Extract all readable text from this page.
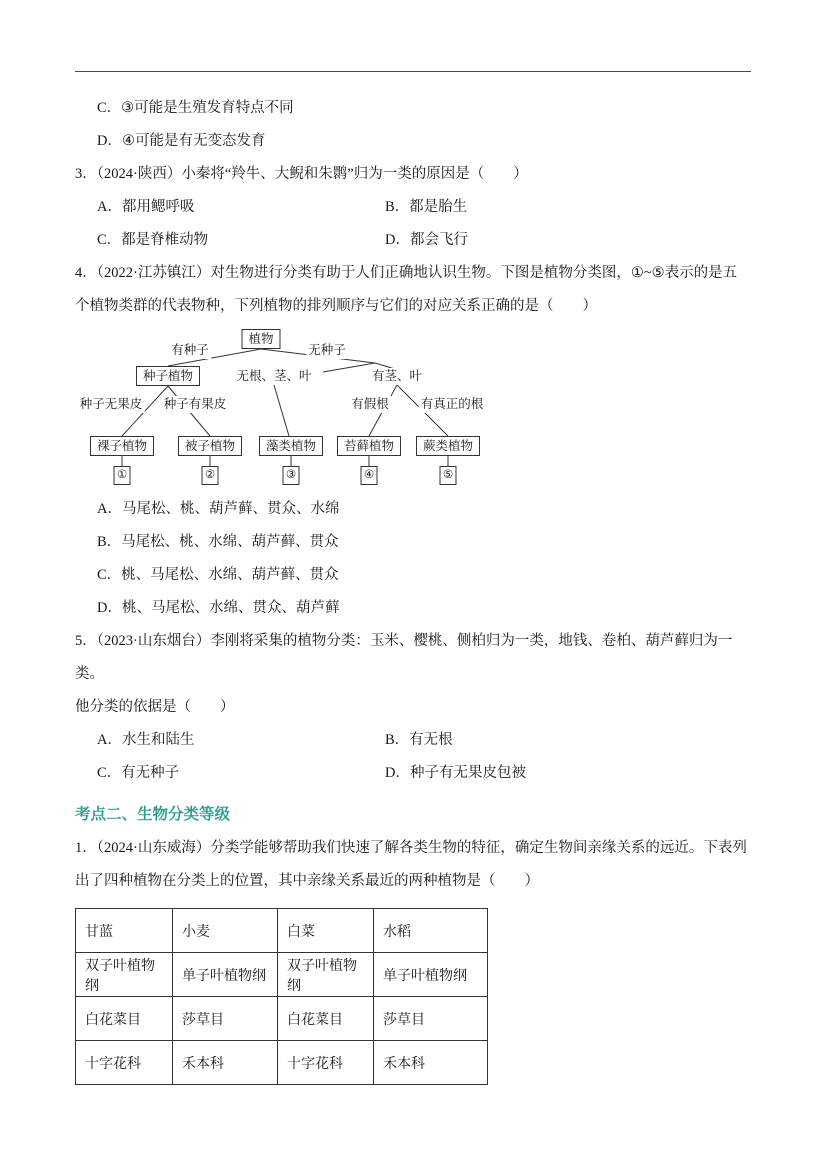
C．③可能是生殖发育特点不同
D．④可能是有无变态发育
3．（2024·陕西）小秦将“羚牛、大鲵和朱鹮”归为一类的原因是（　　）
A．都用鳃呼吸	B．都是胎生
C．都是脊椎动物	D．都会飞行
4．（2022·江苏镇江）对生物进行分类有助于人们正确地认识生物。下图是植物分类图，①~⑤表示的是五
个植物类群的代表物种，下列植物的排列顺序与它们的对应关系正确的是（　　）
植物
有种子	无种子
种子植物	无根、茎、叶	有茎、叶
种子无果皮 种子有果皮	有假根	有真正的根
裸子植物	被子植物	藻类植物	苔藓植物	蕨类植物
①	②	③	④	⑤
A．马尾松、桃、葫芦藓、贯众、水绵
B．马尾松、桃、水绵、葫芦藓、贯众
C．桃、马尾松、水绵、葫芦藓、贯众
D．桃、马尾松、水绵、贯众、葫芦藓
5．（2023·山东烟台）李刚将采集的植物分类：玉米、樱桃、侧柏归为一类，地钱、卷柏、葫芦藓归为一类。
他分类的依据是（　　）
A．水生和陆生	B．有无根
C．有无种子	D．种子有无果皮包被
考点二、生物分类等级
1．（2024·山东威海）分类学能够帮助我们快速了解各类生物的特征，确定生物间亲缘关系的远近。下表列
出了四种植物在分类上的位置，其中亲缘关系最近的两种植物是（　　）
甘蓝	小麦	白菜	水稻
双子叶植物纲	单子叶植物纲	双子叶植物纲	单子叶植物纲
白花菜目	莎草目	白花菜目	莎草目
十字花科	禾本科	十字花科	禾本科
